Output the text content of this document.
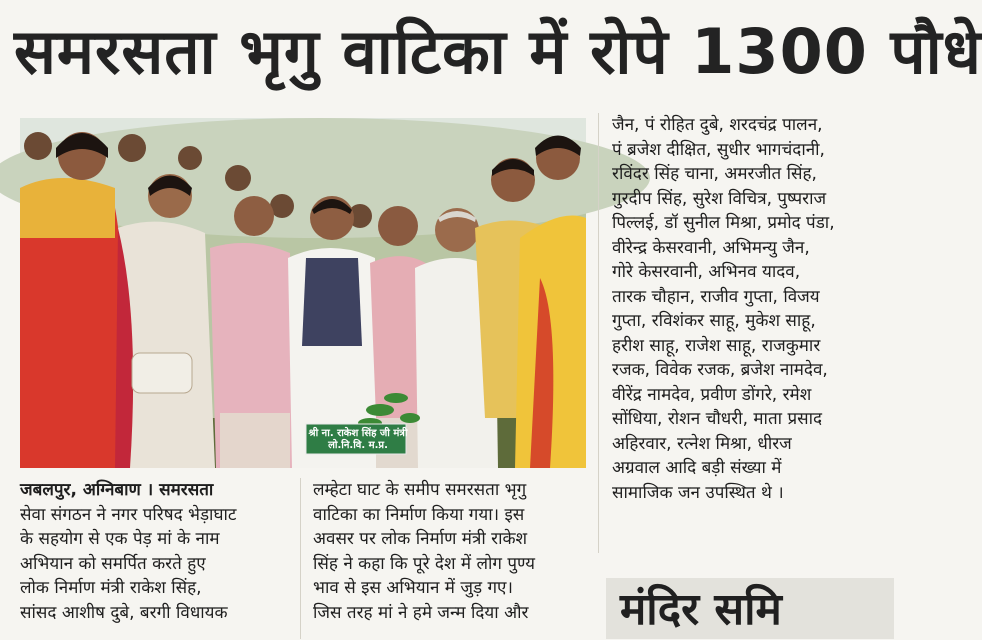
समरसता भृगु वाटिका में रोपे 1300 पौधे
श्री ना. राकेश सिंह जी मंत्री लो.नि.वि. म.प्र.
जैन, पं रोहित दुबे, शरदचंद्र पालन,
पं ब्रजेश दीक्षित, सुधीर भागचंदानी,
रविंदर सिंह चाना, अमरजीत सिंह,
गुरदीप सिंह, सुरेश विचित्र, पुष्पराज
पिल्लई, डॉ सुनील मिश्रा, प्रमोद पंडा,
वीरेन्द्र केसरवानी, अभिमन्यु जैन,
गोरे केसरवानी, अभिनव यादव,
तारक चौहान, राजीव गुप्ता, विजय
गुप्ता, रविशंकर साहू, मुकेश साहू,
हरीश साहू, राजेश साहू, राजकुमार
रजक, विवेक रजक, ब्रजेश नामदेव,
वीरेंद्र नामदेव, प्रवीण डोंगरे, रमेश
सोंधिया, रोशन चौधरी, माता प्रसाद
अहिरवार, रत्नेश मिश्रा, धीरज
अग्रवाल आदि बड़ी संख्या में
सामाजिक जन उपस्थित थे ।
जबलपुर, अग्निबाण । समरसता
सेवा संगठन ने नगर परिषद भेड़ाघाट
के सहयोग से एक पेड़ मां के नाम
अभियान को समर्पित करते हुए
लोक निर्माण मंत्री राकेश सिंह,
सांसद आशीष दुबे, बरगी विधायक
लम्हेटा घाट के समीप समरसता भृगु
वाटिका का निर्माण किया गया। इस
अवसर पर लोक निर्माण मंत्री राकेश
सिंह ने कहा कि पूरे देश में लोग पुण्य
भाव से इस अभियान में जुड़ गए।
जिस तरह मां ने हमे जन्म दिया और	मंदिर समि
